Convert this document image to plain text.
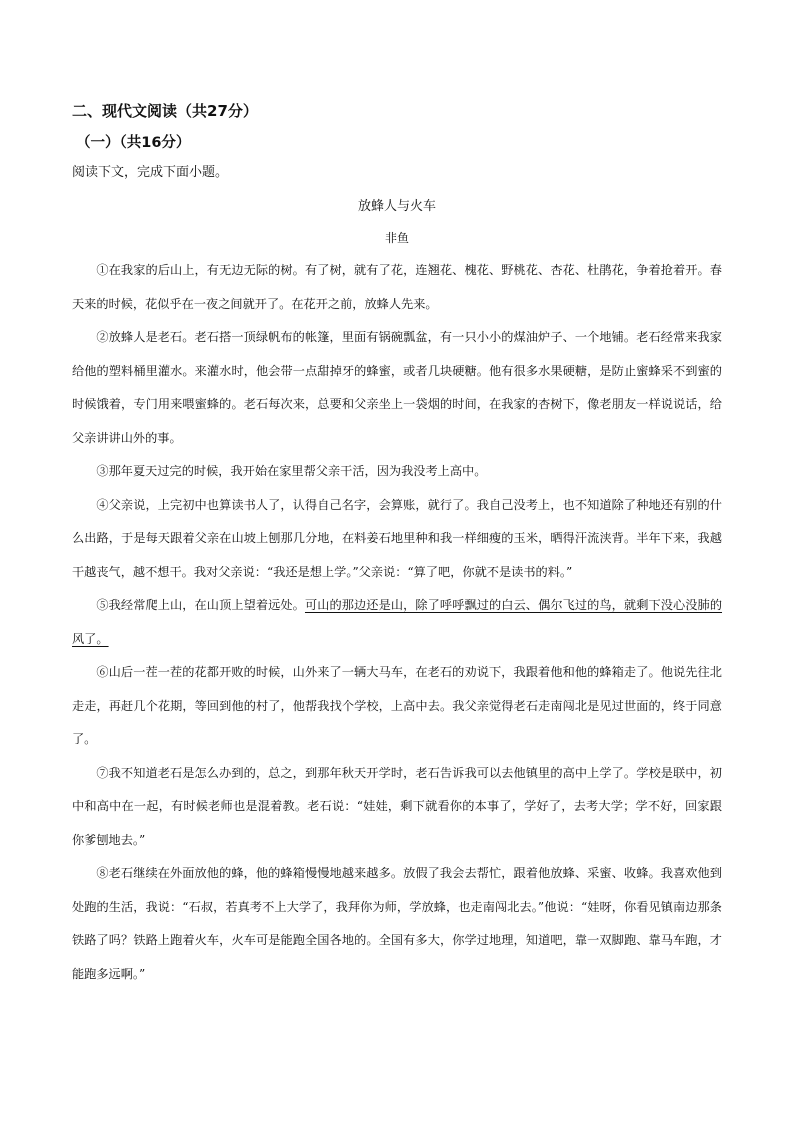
二、现代文阅读（共27分）
（一）（共16分）
阅读下文，完成下面小题。
放蜂人与火车
非鱼

①在我家的后山上，有无边无际的树。有了树，就有了花，连翘花、槐花、野桃花、杏花、杜鹃花，争着抢着开。春天来的时候，花似乎在一夜之间就开了。在花开之前，放蜂人先来。

②放蜂人是老石。老石搭一顶绿帆布的帐篷，里面有锅碗瓢盆，有一只小小的煤油炉子、一个地铺。老石经常来我家给他的塑料桶里灌水。来灌水时，他会带一点甜掉牙的蜂蜜，或者几块硬糖。他有很多水果硬糖，是防止蜜蜂采不到蜜的时候饿着，专门用来喂蜜蜂的。老石每次来，总要和父亲坐上一袋烟的时间，在我家的杏树下，像老朋友一样说说话，给父亲讲讲山外的事。

③那年夏天过完的时候，我开始在家里帮父亲干活，因为我没考上高中。

④父亲说，上完初中也算读书人了，认得自己名字，会算账，就行了。我自己没考上，也不知道除了种地还有别的什么出路，于是每天跟着父亲在山坡上刨那几分地，在料姜石地里种和我一样细瘦的玉米，晒得汗流浃背。半年下来，我越干越丧气，越不想干。我对父亲说：“我还是想上学。”父亲说：“算了吧，你就不是读书的料。”

⑤我经常爬上山，在山顶上望着远处。可山的那边还是山，除了呼呼飘过的白云、偶尔飞过的鸟，就剩下没心没肺的风了。

⑥山后一茬一茬的花都开败的时候，山外来了一辆大马车，在老石的劝说下，我跟着他和他的蜂箱走了。他说先往北走走，再赶几个花期，等回到他的村了，他帮我找个学校，上高中去。我父亲觉得老石走南闯北是见过世面的，终于同意了。

⑦我不知道老石是怎么办到的，总之，到那年秋天开学时，老石告诉我可以去他镇里的高中上学了。学校是联中，初中和高中在一起，有时候老师也是混着教。老石说：“娃娃，剩下就看你的本事了，学好了，去考大学；学不好，回家跟你爹刨地去。”

⑧老石继续在外面放他的蜂，他的蜂箱慢慢地越来越多。放假了我会去帮忙，跟着他放蜂、采蜜、收蜂。我喜欢他到处跑的生活，我说：“石叔，若真考不上大学了，我拜你为师，学放蜂，也走南闯北去。”他说：“娃呀，你看见镇南边那条铁路了吗？铁路上跑着火车，火车可是能跑全国各地的。全国有多大，你学过地理，知道吧，靠一双脚跑、靠马车跑，才能跑多远啊。”
